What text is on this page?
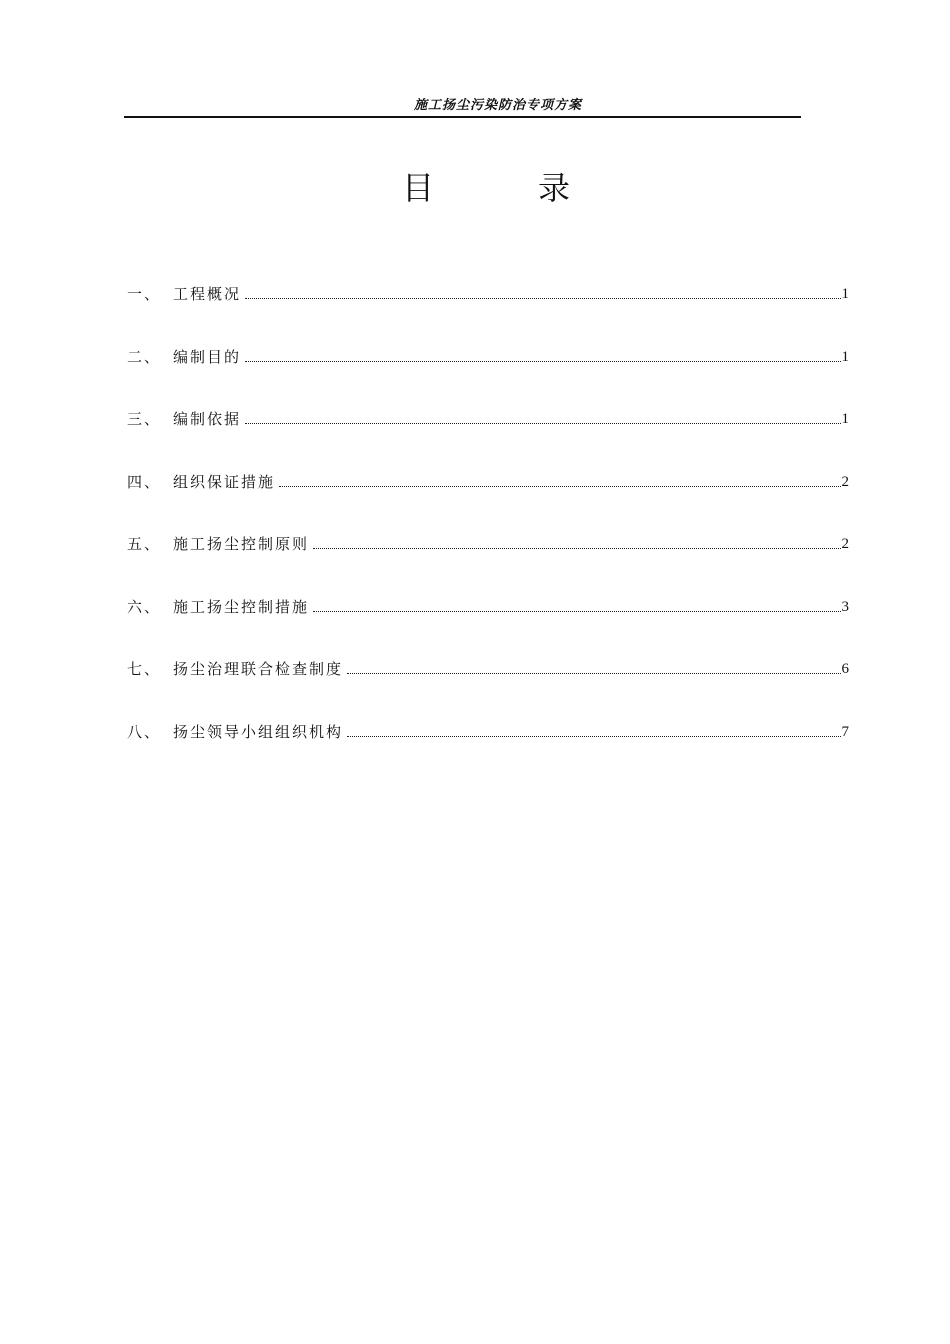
施工扬尘污染防治专项方案
目	录
一、 工程概况	1
二、 编制目的	1
三、 编制依据	1
四、 组织保证措施	2
五、 施工扬尘控制原则	2
六、 施工扬尘控制措施	3
七、 扬尘治理联合检查制度	6
八、 扬尘领导小组组织机构	7
